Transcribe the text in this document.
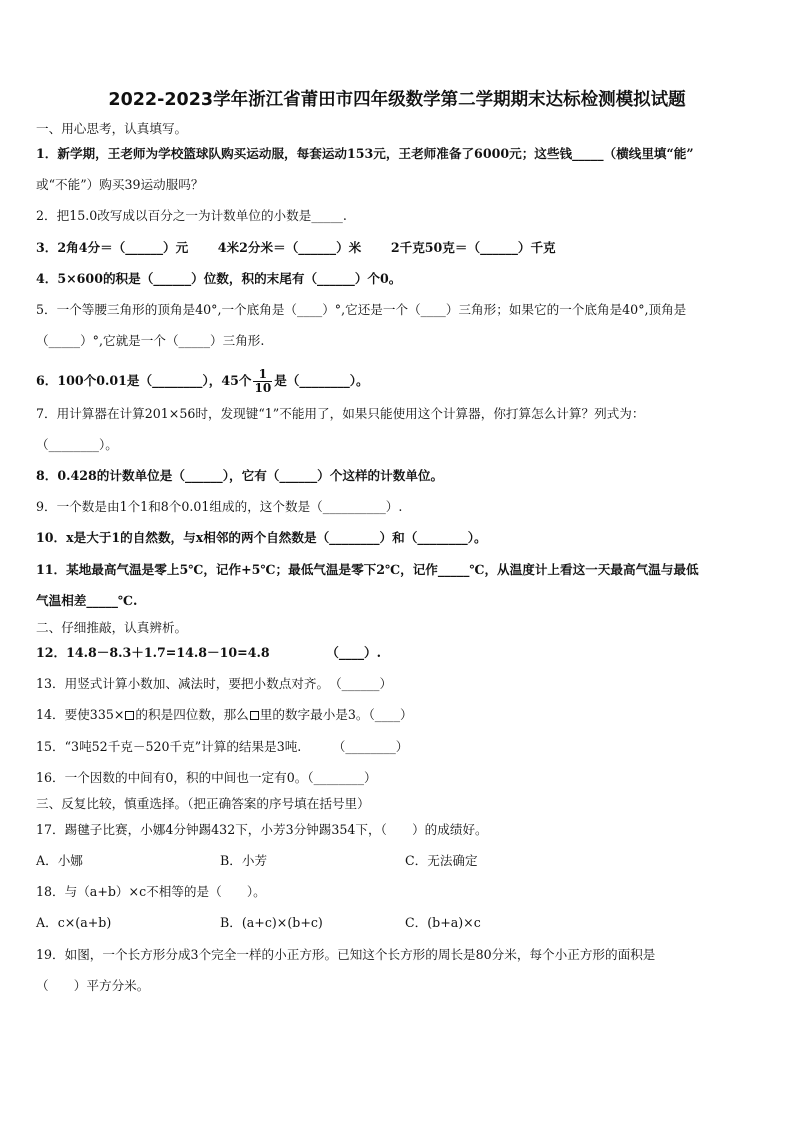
2022-2023学年浙江省莆田市四年级数学第二学期期末达标检测模拟试题
一、用心思考，认真填写。
1．新学期，王老师为学校篮球队购买运动服，每套运动153元，王老师准备了6000元；这些钱_____（横线里填“能”
或“不能”）购买39运动服吗？
2．把15.0改写成以百分之一为计数单位的小数是_____.
3．2角4分＝（______）元　　 4米2分米＝（______）米　　 2千克50克＝（______）千克
4．5×600的积是（______）位数，积的末尾有（______）个0。
5．一个等腰三角形的顶角是40°,一个底角是（____）°,它还是一个（____）三角形；如果它的一个底角是40°,顶角是
（_____）°,它就是一个（_____）三角形.
6．100个0.01是（________），45个 $\frac{1}{10}$ 是（________）。
7．用计算器在计算201×56时，发现键“1”不能用了，如果只能使用这个计算器，你打算怎么计算？列式为：
（________）。
8．0.428的计数单位是（______），它有（______）个这样的计数单位。
9．一个数是由1个1和8个0.01组成的，这个数是（__________）.
10．x是大于1的自然数，与x相邻的两个自然数是（________）和（________）。
11．某地最高气温是零上5℃，记作+5℃；最低气温是零下2℃，记作_____℃，从温度计上看这一天最高气温与最低
气温相差_____℃.
二、仔细推敲，认真辨析。
12．14.8－8.3＋1.7=14.8－10=4.8　　　　　（____）.
13．用竖式计算小数加、减法时，要把小数点对齐。　（______）
14．要使335× 的积是四位数，那么 里的数字最小是3。（____）
15．“3吨52千克－520千克”计算的结果是3吨.　　　（________）
16．一个因数的中间有0，积的中间也一定有0。（________）
三、反复比较，慎重选择。（把正确答案的序号填在括号里）
17．踢毽子比赛，小娜4分钟踢432下，小芳3分钟踢354下，（　　）的成绩好。
A．小娜	B．小芳	C．无法确定
18．与（a+b）×c不相等的是（　　）。
A．c×(a+b)	B．(a+c)×(b+c)	C．(b+a)×c
19．如图，一个长方形分成3个完全一样的小正方形。已知这个长方形的周长是80分米，每个小正方形的面积是
（　　）平方分米。
